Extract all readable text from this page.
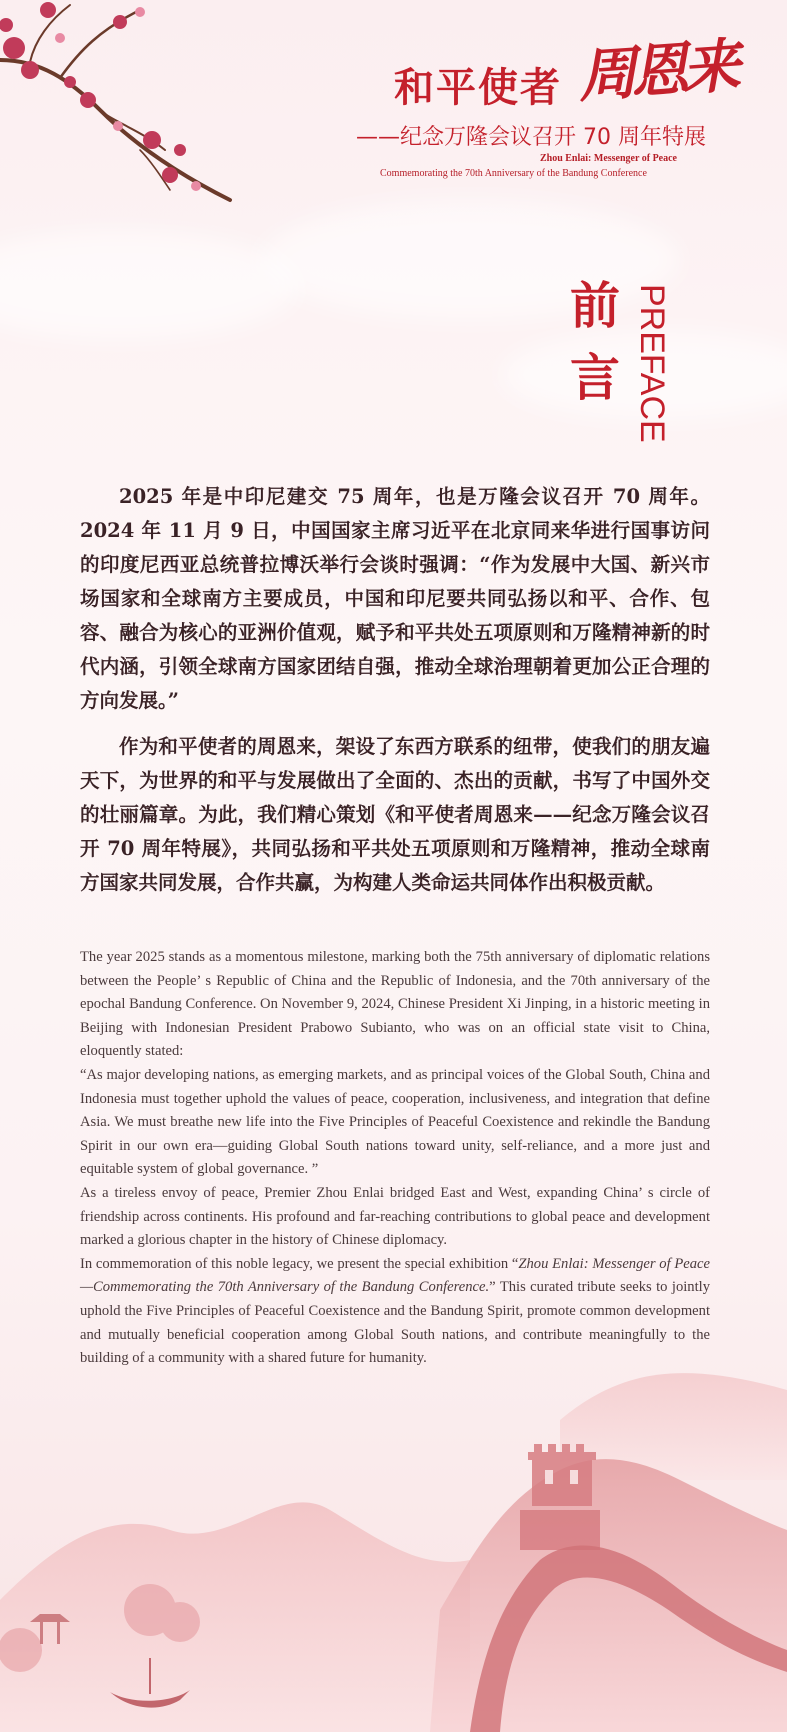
和平使者 周恩来
——纪念万隆会议召开 70 周年特展
Zhou Enlai: Messenger of Peace
Commemorating the 70th Anniversary of the Bandung Conference
前言 PREFACE

2025 年是中印尼建交 75 周年，也是万隆会议召开 70 周年。2024 年 11 月 9 日，中国国家主席习近平在北京同来华进行国事访问的印度尼西亚总统普拉博沃举行会谈时强调：“作为发展中大国、新兴市场国家和全球南方主要成员，中国和印尼要共同弘扬以和平、合作、包容、融合为核心的亚洲价值观，赋予和平共处五项原则和万隆精神新的时代内涵，引领全球南方国家团结自强，推动全球治理朝着更加公正合理的方向发展。”

作为和平使者的周恩来，架设了东西方联系的纽带，使我们的朋友遍天下，为世界的和平与发展做出了全面的、杰出的贡献，书写了中国外交的壮丽篇章。为此，我们精心策划《和平使者周恩来——纪念万隆会议召开 70 周年特展》，共同弘扬和平共处五项原则和万隆精神，推动全球南方国家共同发展，合作共赢，为构建人类命运共同体作出积极贡献。

The year 2025 stands as a momentous milestone, marking both the 75th anniversary of diplomatic relations between the People’ s Republic of China and the Republic of Indonesia, and the 70th anniversary of the epochal Bandung Conference. On November 9, 2024, Chinese President Xi Jinping, in a historic meeting in Beijing with Indonesian President Prabowo Subianto, who was on an official state visit to China, eloquently stated:

“As major developing nations, as emerging markets, and as principal voices of the Global South, China and Indonesia must together uphold the values of peace, cooperation, inclusiveness, and integration that define Asia. We must breathe new life into the Five Principles of Peaceful Coexistence and rekindle the Bandung Spirit in our own era—guiding Global South nations toward unity, self-reliance, and a more just and equitable system of global governance. ”

As a tireless envoy of peace, Premier Zhou Enlai bridged East and West, expanding China’ s circle of friendship across continents. His profound and far-reaching contributions to global peace and development marked a glorious chapter in the history of Chinese diplomacy.

In commemoration of this noble legacy, we present the special exhibition “Zhou Enlai: Messenger of Peace—Commemorating the 70th Anniversary of the Bandung Conference.” This curated tribute seeks to jointly uphold the Five Principles of Peaceful Coexistence and the Bandung Spirit, promote common development and mutually beneficial cooperation among Global South nations, and contribute meaningfully to the building of a community with a shared future for humanity.
